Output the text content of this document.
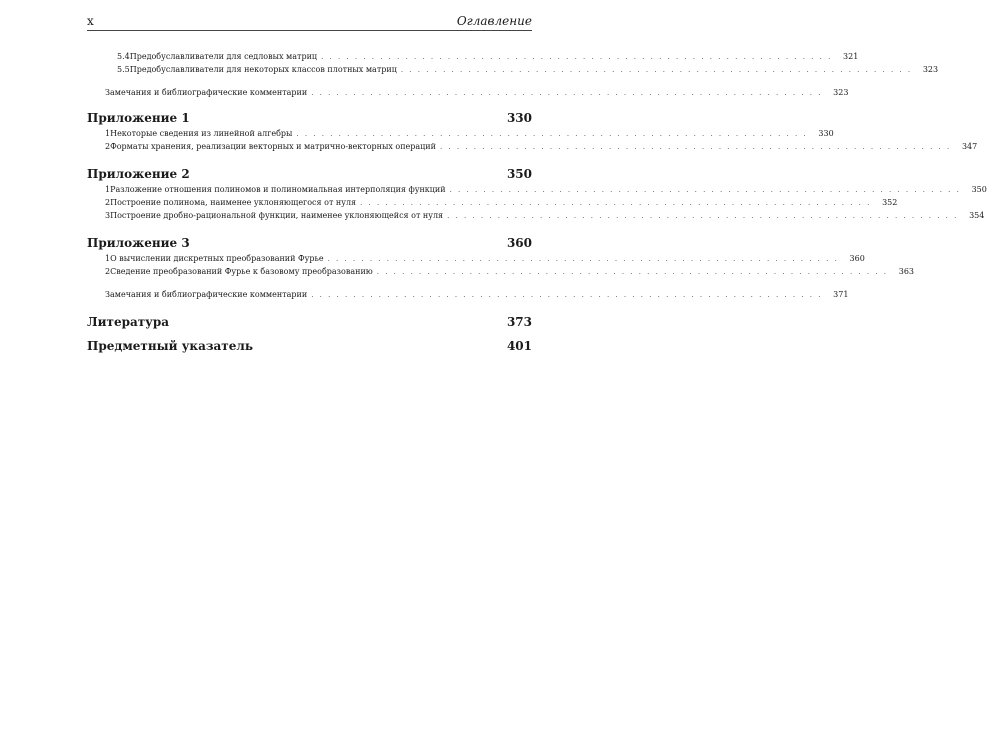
x	Оглавление
5.4 Предобуславливатели для седловых матриц . . . . . . . . . . . . . . . . . . . . . . . . . . . . . . . . . . . . . . . . . . . . . . . . . . . . . . . . . . . . .	321
5.5 Предобуславливатели для некоторых классов плотных матриц . . . . . . . . . . . . . . . . . . . . . . . . . . . . . . . . . . . . . . . . . . . . . . . . . . . . . . . . . . . . .	323
Замечания и библиографические комментарии . . . . . . . . . . . . . . . . . . . . . . . . . . . . . . . . . . . . . . . . . . . . . . . . . . . . . . . . . . . . .	323
Приложение 1	330
1 Некоторые сведения из линейной алгебры . . . . . . . . . . . . . . . . . . . . . . . . . . . . . . . . . . . . . . . . . . . . . . . . . . . . . . . . . . . . .	330
2 Форматы хранения, реализации векторных и матрично-векторных операций . . . . . . . . . . . . . . . . . . . . . . . . . . . . . . . . . . . . . . . . . . . . . . . . . . . . . . . . . . . . .	347
Приложение 2	350
1 Разложение отношения полиномов и полиномиальная интерполяция функций . . . . . . . . . . . . . . . . . . . . . . . . . . . . . . . . . . . . . . . . . . . . . . . . . . . . . . . . . . . . .	350
2 Построение полинома, наименее уклоняющегося от нуля . . . . . . . . . . . . . . . . . . . . . . . . . . . . . . . . . . . . . . . . . . . . . . . . . . . . . . . . . . . . .	352
3 Построение дробно-рациональной функции, наименее уклоняющейся от нуля . . . . . . . . . . . . . . . . . . . . . . . . . . . . . . . . . . . . . . . . . . . . . . . . . . . . . . . . . . . . .	354
Приложение 3	360
1 О вычислении дискретных преобразований Фурье . . . . . . . . . . . . . . . . . . . . . . . . . . . . . . . . . . . . . . . . . . . . . . . . . . . . . . . . . . . . .	360
2 Сведение преобразований Фурье к базовому преобразованию . . . . . . . . . . . . . . . . . . . . . . . . . . . . . . . . . . . . . . . . . . . . . . . . . . . . . . . . . . . . .	363
Замечания и библиографические комментарии . . . . . . . . . . . . . . . . . . . . . . . . . . . . . . . . . . . . . . . . . . . . . . . . . . . . . . . . . . . . .	371
Литература	373
Предметный указатель	401
